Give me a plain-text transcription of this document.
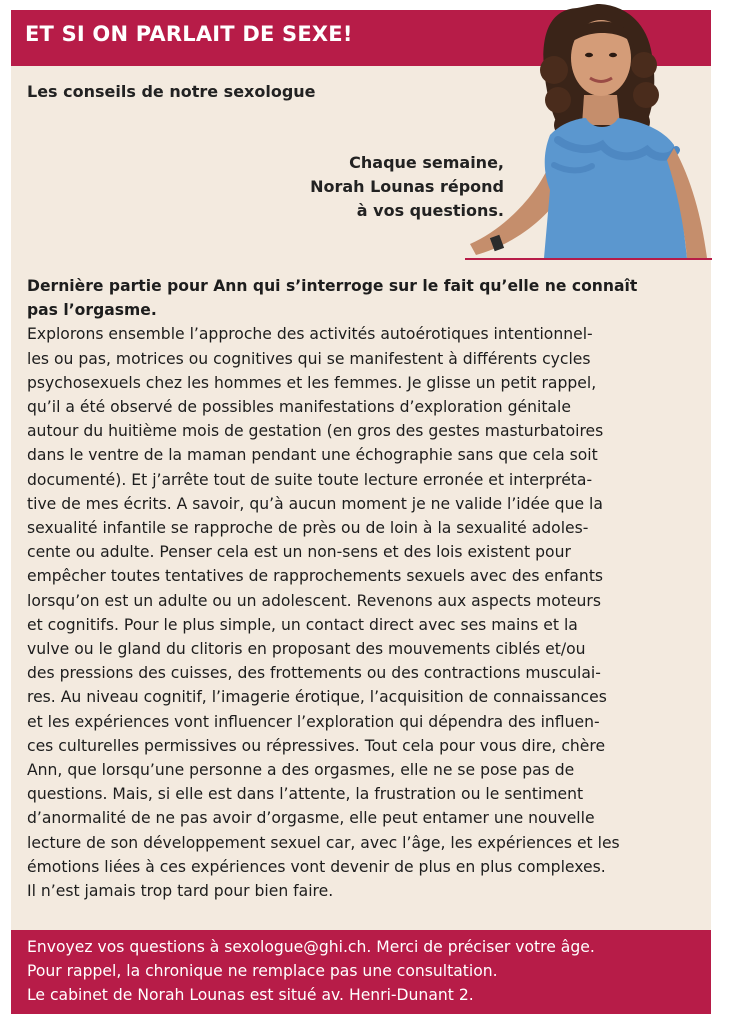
ET SI ON PARLAIT DE SEXE!
Les conseils de notre sexologue
Chaque semaine,
Norah Lounas répond
à vos questions.
Dernière partie pour Ann qui s’interroge sur le fait qu’elle ne connaît
pas l’orgasme.
Explorons ensemble l’approche des activités autoérotiques intentionnel-
les ou pas, motrices ou cognitives qui se manifestent à différents cycles
psychosexuels chez les hommes et les femmes. Je glisse un petit rappel,
qu’il a été observé de possibles manifestations d’exploration génitale
autour du huitième mois de gestation (en gros des gestes masturbatoires
dans le ventre de la maman pendant une échographie sans que cela soit
documenté). Et j’arrête tout de suite toute lecture erronée et interpréta-
tive de mes écrits. A savoir, qu’à aucun moment je ne valide l’idée que la
sexualité infantile se rapproche de près ou de loin à la sexualité adoles-
cente ou adulte. Penser cela est un non-sens et des lois existent pour
empêcher toutes tentatives de rapprochements sexuels avec des enfants
lorsqu’on est un adulte ou un adolescent. Revenons aux aspects moteurs
et cognitifs. Pour le plus simple, un contact direct avec ses mains et la
vulve ou le gland du clitoris en proposant des mouvements ciblés et/ou
des pressions des cuisses, des frottements ou des contractions musculai-
res. Au niveau cognitif, l’imagerie érotique, l’acquisition de connaissances
et les expériences vont influencer l’exploration qui dépendra des influen-
ces culturelles permissives ou répressives. Tout cela pour vous dire, chère
Ann, que lorsqu’une personne a des orgasmes, elle ne se pose pas de
questions. Mais, si elle est dans l’attente, la frustration ou le sentiment
d’anormalité de ne pas avoir d’orgasme, elle peut entamer une nouvelle
lecture de son développement sexuel car, avec l’âge, les expériences et les
émotions liées à ces expériences vont devenir de plus en plus complexes.
Il n’est jamais trop tard pour bien faire.
Envoyez vos questions à sexologue@ghi.ch. Merci de préciser votre âge.
Pour rappel, la chronique ne remplace pas une consultation.
Le cabinet de Norah Lounas est situé av. Henri-Dunant 2.
